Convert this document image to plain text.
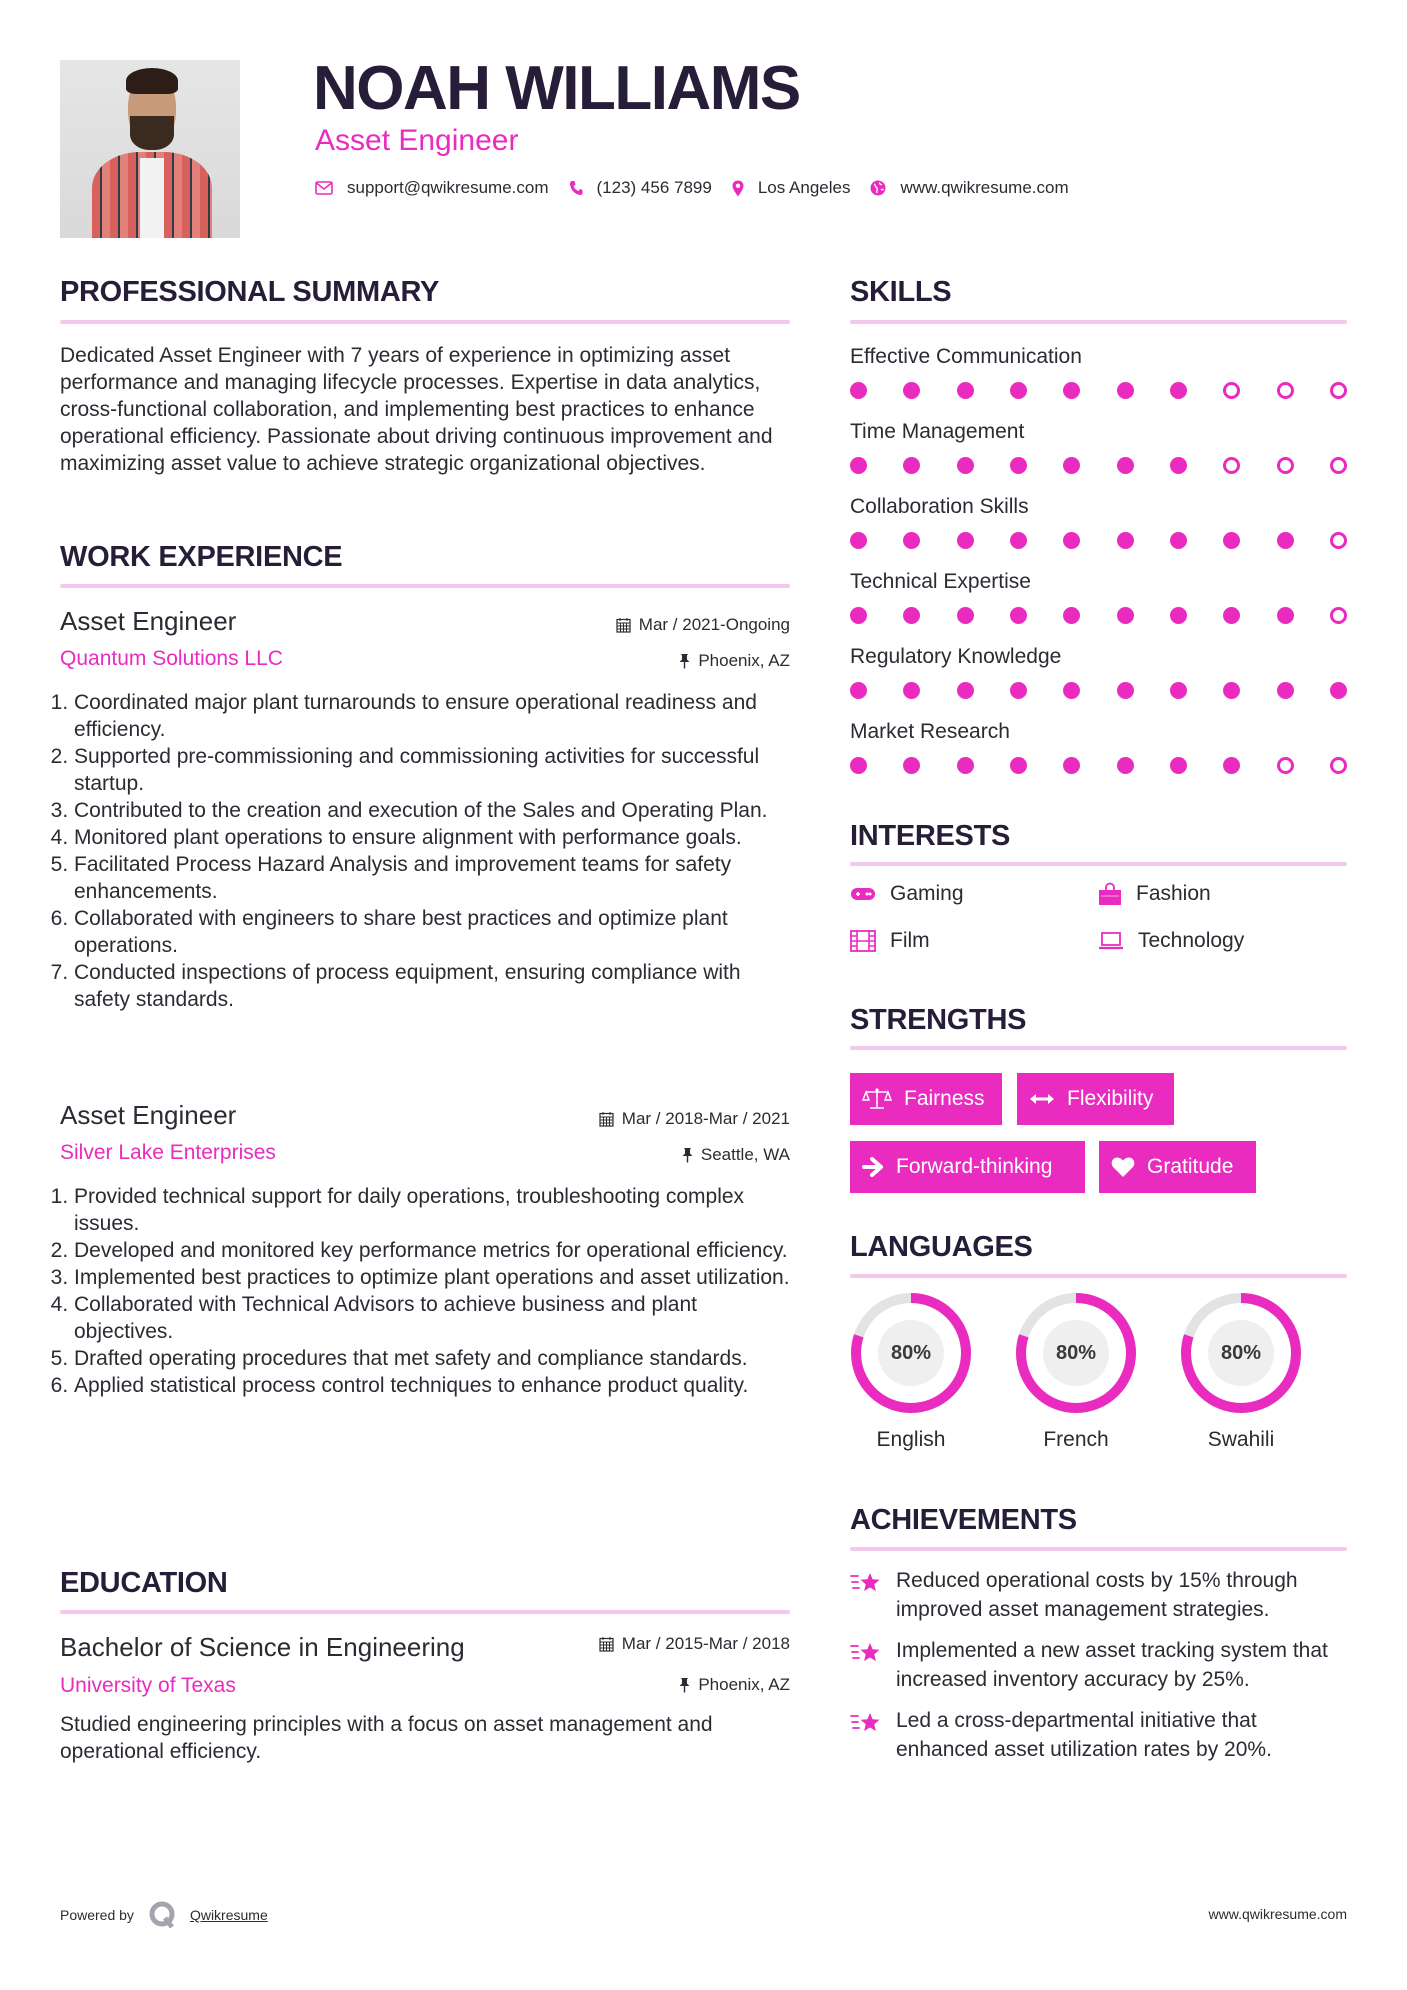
NOAH WILLIAMS
Asset Engineer
support@qwikresume.com	(123) 456 7899	Los Angeles	www.qwikresume.com
PROFESSIONAL SUMMARY
Dedicated Asset Engineer with 7 years of experience in optimizing asset performance and managing lifecycle processes. Expertise in data analytics, cross-functional collaboration, and implementing best practices to enhance operational efficiency. Passionate about driving continuous improvement and maximizing asset value to achieve strategic organizational objectives.
WORK EXPERIENCE
Asset Engineer	Mar / 2021-Ongoing
Quantum Solutions LLC	Phoenix, AZ
1. Coordinated major plant turnarounds to ensure operational readiness and efficiency.
2. Supported pre-commissioning and commissioning activities for successful startup.
3. Contributed to the creation and execution of the Sales and Operating Plan.
4. Monitored plant operations to ensure alignment with performance goals.
5. Facilitated Process Hazard Analysis and improvement teams for safety enhancements.
6. Collaborated with engineers to share best practices and optimize plant operations.
7. Conducted inspections of process equipment, ensuring compliance with safety standards.
Asset Engineer	Mar / 2018-Mar / 2021
Silver Lake Enterprises	Seattle, WA
1. Provided technical support for daily operations, troubleshooting complex issues.
2. Developed and monitored key performance metrics for operational efficiency.
3. Implemented best practices to optimize plant operations and asset utilization.
4. Collaborated with Technical Advisors to achieve business and plant objectives.
5. Drafted operating procedures that met safety and compliance standards.
6. Applied statistical process control techniques to enhance product quality.
EDUCATION
Bachelor of Science in Engineering	Mar / 2015-Mar / 2018
University of Texas	Phoenix, AZ
Studied engineering principles with a focus on asset management and operational efficiency.
SKILLS
Effective Communication
Time Management
Collaboration Skills
Technical Expertise
Regulatory Knowledge
Market Research
INTERESTS
Gaming	Fashion
Film	Technology
STRENGTHS
Fairness	Flexibility
Forward-thinking	Gratitude
LANGUAGES
80%
English
80%
French
80%
Swahili
ACHIEVEMENTS
Reduced operational costs by 15% through improved asset management strategies.
Implemented a new asset tracking system that increased inventory accuracy by 25%.
Led a cross-departmental initiative that enhanced asset utilization rates by 20%.
Powered by	Qwikresume	www.qwikresume.com
